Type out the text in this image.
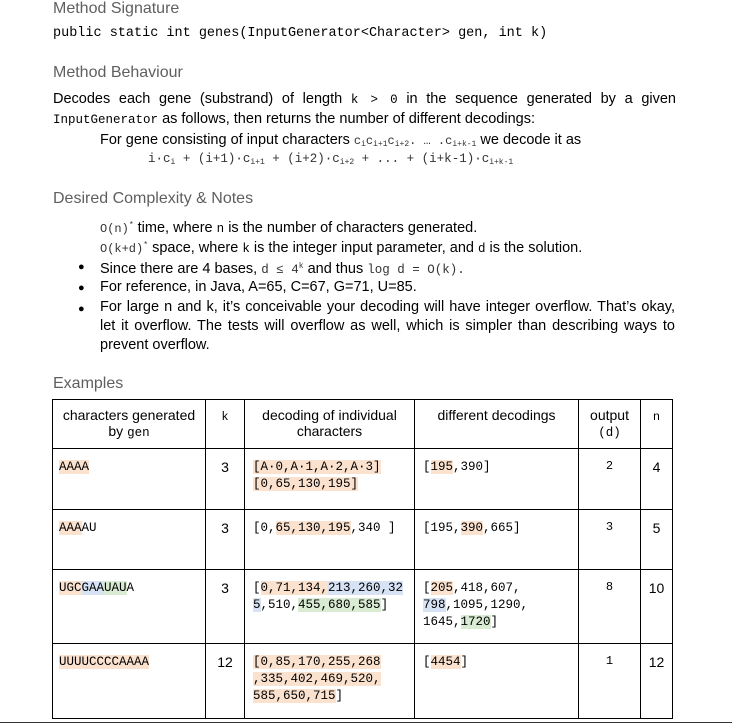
Method Signature
public static int genes(InputGenerator<Character> gen, int k)
Method Behaviour
Decodes each gene (substrand) of length k > 0 in the sequence generated by a given
InputGenerator as follows, then returns the number of different decodings:
For gene consisting of input characters $c_ic_{i+1}c_{i+2}$. … $.c_{i+k-1}$ we decode it as
$i\cdot c_i + (i+1)\cdot c_{i+1} + (i+2)\cdot c_{i+2}$ + ... + $(i+k-1)\cdot c_{i+k-1}$
Desired Complexity & Notes
O(n)* time, where n is the number of characters generated.
O(k+d)* space, where k is the integer input parameter, and d is the solution.
● Since there are 4 bases, $d \le 4^k$ and thus log d = O(k).
● For reference, in Java, A=65, C=67, G=71, U=85.
● For large n and k, it’s conceivable your decoding will have integer overflow. That’s okay,
let it overflow. The tests will overflow as well, which is simpler than describing ways to
prevent overflow.
Examples
characters generated
by gen	k	decoding of individual
characters	different decodings	output
(d)	n
AAAA	3	[A·0,A·1,A·2,A·3]
[0,65,130,195]	[195,390]	2	4
AAAAU	3	[0,65,130,195,340 ]	[195,390,665]	3	5
UGCGAAUAUA	3	[0,71,134,213,260,325,510,455,680,585]	[205,418,607,
798,1095,1290,
1645,1720]	8	10
UUUUCCCCAAAA	12	[0,85,170,255,268
,335,402,469,520,
585,650,715]	[4454]	1	12
